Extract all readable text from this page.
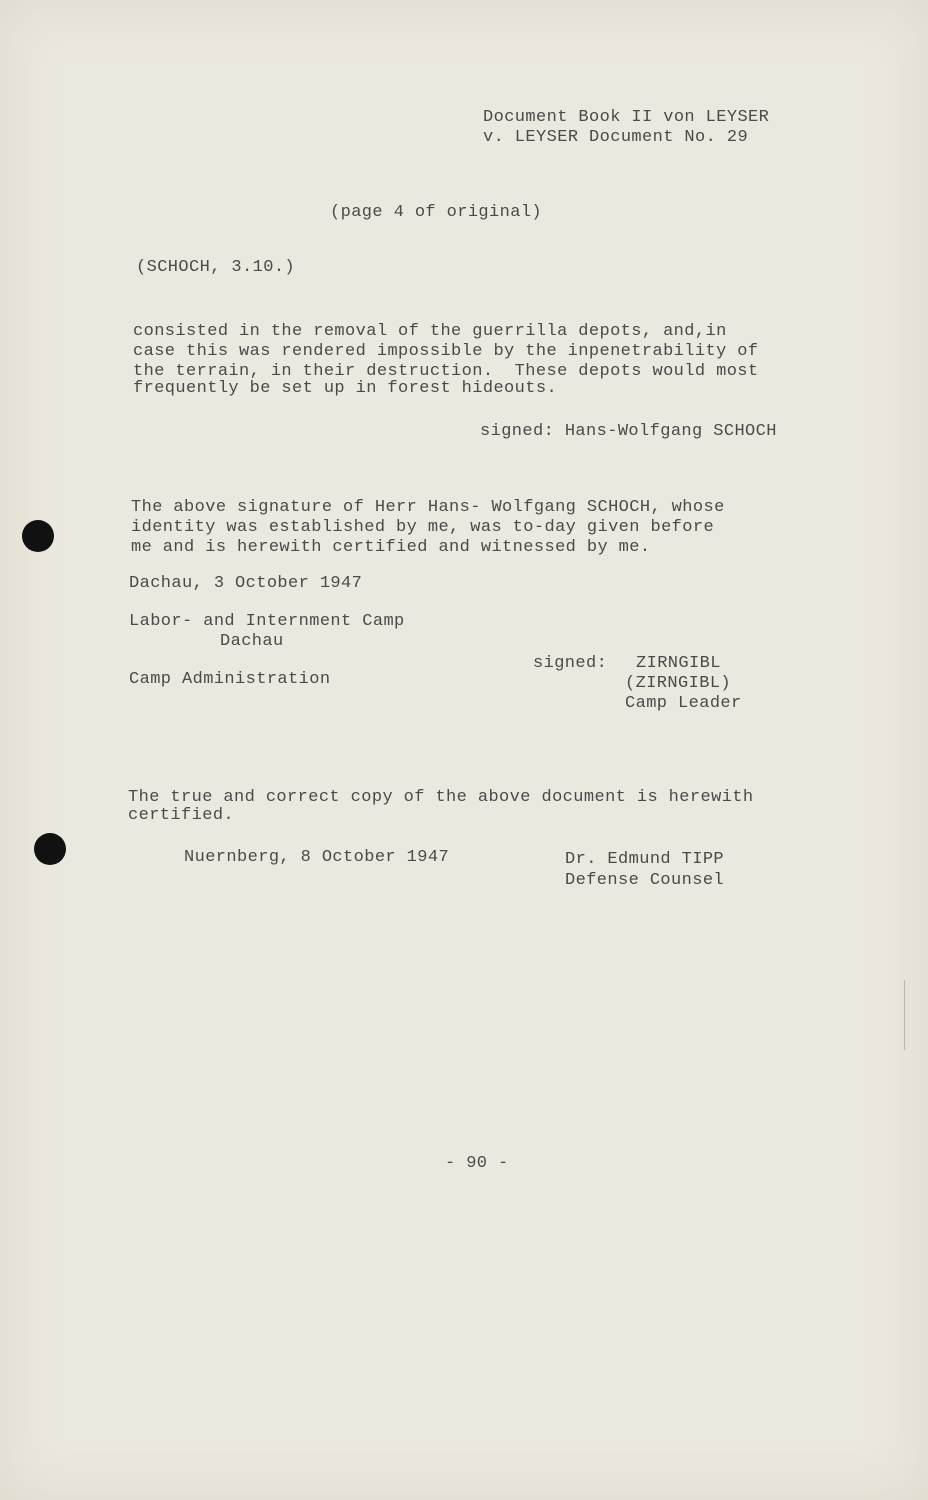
Document Book II von LEYSER
v. LEYSER Document No. 29
(page 4 of original)
(SCHOCH, 3.10.)
consisted in the removal of the guerrilla depots, and,in
case this was rendered impossible by the inpenetrability of
the terrain, in their destruction.  These depots would most
frequently be set up in forest hideouts.
signed: Hans-Wolfgang SCHOCH
The above signature of Herr Hans- Wolfgang SCHOCH, whose
identity was established by me, was to-day given before
me and is herewith certified and witnessed by me.
Dachau, 3 October 1947
Labor- and Internment Camp
Dachau
Camp Administration
signed: ZIRNGIBL
(ZIRNGIBL)
Camp Leader
The true and correct copy of the above document is herewith
certified.
Nuernberg, 8 October 1947	Dr. Edmund TIPP
Defense Counsel
- 90 -
